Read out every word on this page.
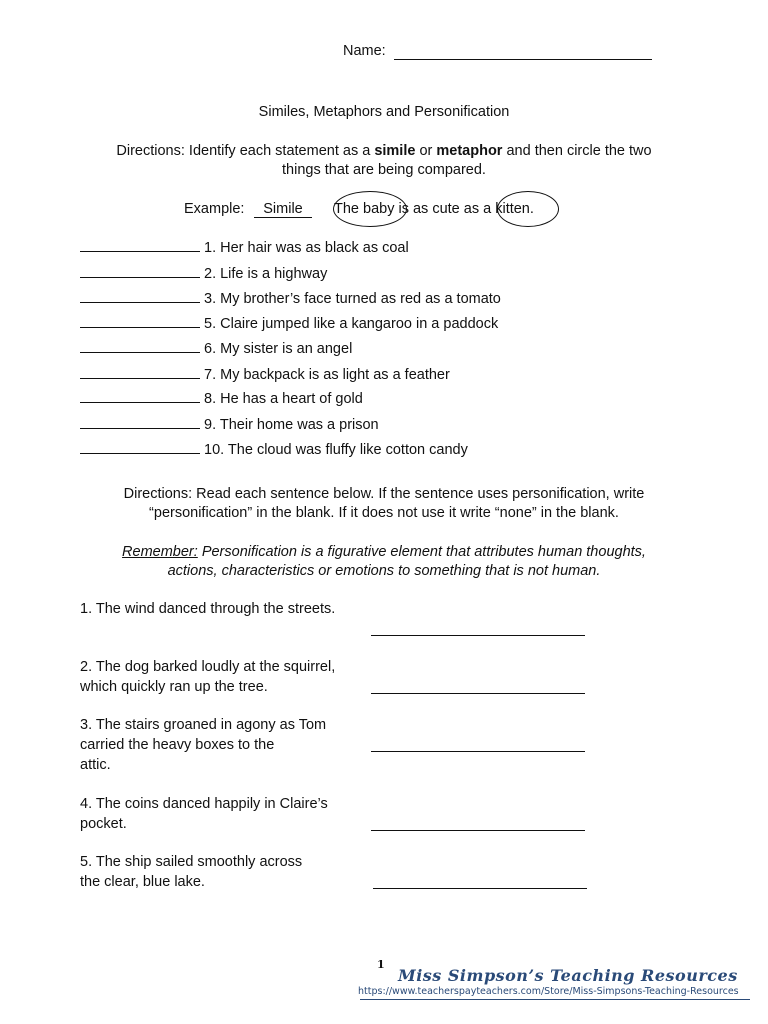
Name:
Similes, Metaphors and Personification
Directions: Identify each statement as a simile or metaphor and then circle the two
things that are being compared.
Example:	Simile	The baby is as cute as a kitten.
1. Her hair was as black as coal
2. Life is a highway
3. My brother’s face turned as red as a tomato
5. Claire jumped like a kangaroo in a paddock
6. My sister is an angel
7. My backpack is as light as a feather
8. He has a heart of gold
9. Their home was a prison
10. The cloud was fluffy like cotton candy
Directions: Read each sentence below. If the sentence uses personification, write
“personification” in the blank. If it does not use it write “none” in the blank.
Remember: Personification is a figurative element that attributes human thoughts,
actions, characteristics or emotions to something that is not human.
1. The wind danced through the streets.
2. The dog barked loudly at the squirrel,
which quickly ran up the tree.
3. The stairs groaned in agony as Tom
carried the heavy boxes to the
attic.
4. The coins danced happily in Claire’s
pocket.
5. The ship sailed smoothly across
the clear, blue lake.
1
Miss Simpson’s Teaching Resources
https://www.teacherspayteachers.com/Store/Miss-Simpsons-Teaching-Resources
